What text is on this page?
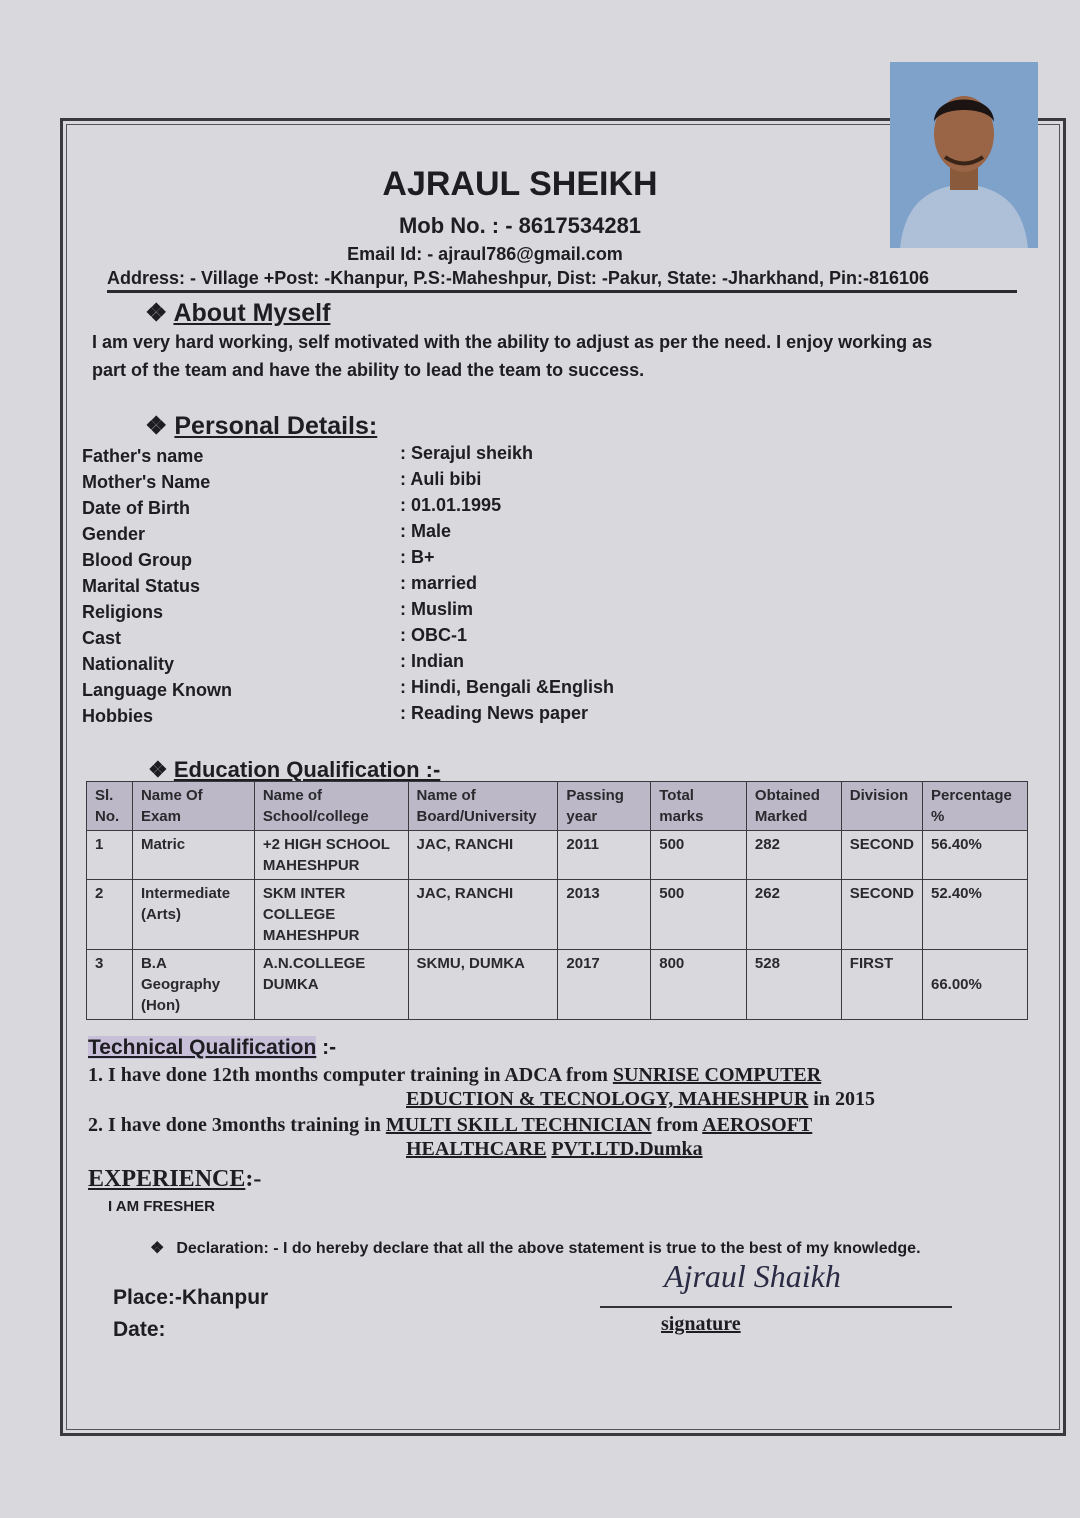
AJRAUL SHEIKH
Mob No. : - 8617534281
Email Id: - ajraul786@gmail.com
Address: - Village +Post: -Khanpur, P.S:-Maheshpur, Dist: -Pakur, State: -Jharkhand, Pin:-816106
❖ About Myself
I am very hard working, self motivated with the ability to adjust as per the need. I enjoy working as
part of the team and have the ability to lead the team to success.
❖ Personal Details:
Father's name	: Serajul sheikh
Mother's Name	: Auli bibi
Date of Birth	: 01.01.1995
Gender	: Male
Blood Group	: B+
Marital Status	: married
Religions	: Muslim
Cast	: OBC-1
Nationality	: Indian
Language Known	: Hindi, Bengali &English
Hobbies	: Reading News paper
❖ Education Qualification :-
Sl. No.	Name Of Exam	Name of School/college	Name of Board/University	Passing year	Total marks	Obtained Marked	Division	Percentage %
1	Matric	+2 HIGH SCHOOL MAHESHPUR	JAC, RANCHI	2011	500	282	SECOND	56.40%
2	Intermediate (Arts)	SKM INTER COLLEGE MAHESHPUR	JAC, RANCHI	2013	500	262	SECOND	52.40%
3	B.A Geography (Hon)	A.N.COLLEGE DUMKA	SKMU, DUMKA	2017	800	528	FIRST	66.00%
Technical Qualification :-
1. I have done 12th months computer training in ADCA from SUNRISE COMPUTER
EDUCTION & TECNOLOGY, MAHESHPUR in 2015
2. I have done 3months training in MULTI SKILL TECHNICIAN from AEROSOFT
HEALTHCARE PVT.LTD.Dumka
EXPERIENCE:-
I AM FRESHER
❖ Declaration: - I do hereby declare that all the above statement is true to the best of my knowledge.
Place:-Khanpur
Date:
Ajraul Shaikh
signature
